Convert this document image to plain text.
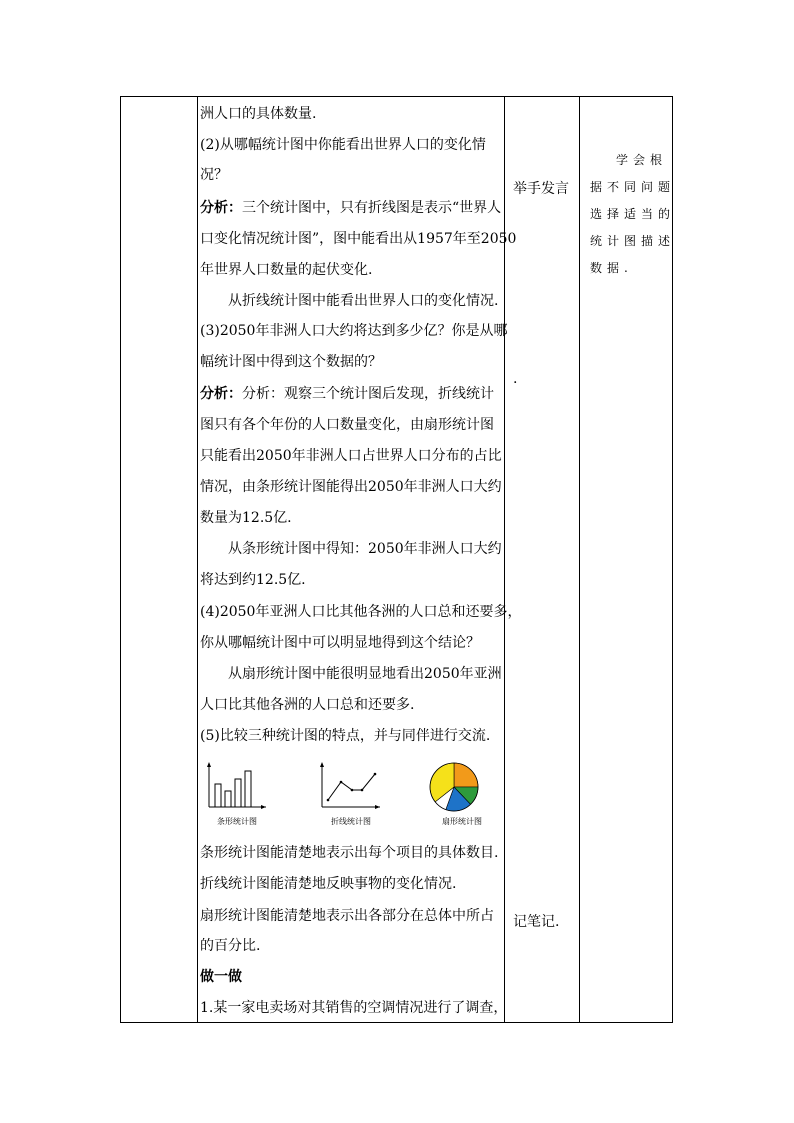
洲人口的具体数量.
(2)从哪幅统计图中你能看出世界人口的变化情
况？
分析：三个统计图中，只有折线图是表示“世界人
口变化情况统计图”，图中能看出从1957年至2050
年世界人口数量的起伏变化.
从折线统计图中能看出世界人口的变化情况.
(3)2050年非洲人口大约将达到多少亿？你是从哪
幅统计图中得到这个数据的？
分析：分析：观察三个统计图后发现，折线统计
图只有各个年份的人口数量变化，由扇形统计图
只能看出2050年非洲人口占世界人口分布的占比
情况，由条形统计图能得出2050年非洲人口大约
数量为12.5亿.
从条形统计图中得知：2050年非洲人口大约
将达到约12.5亿.
(4)2050年亚洲人口比其他各洲的人口总和还要多，
你从哪幅统计图中可以明显地得到这个结论？
从扇形统计图中能很明显地看出2050年亚洲
人口比其他各洲的人口总和还要多.
(5)比较三种统计图的特点，并与同伴进行交流.
条形统计图	折线统计图	扇形统计图
条形统计图能清楚地表示出每个项目的具体数目.
折线统计图能清楚地反映事物的变化情况.
扇形统计图能清楚地表示出各部分在总体中所占
的百分比.
做一做
1.某一家电卖场对其销售的空调情况进行了调查，
举手发言
.
记笔记.
学会根
据不同问题
选择适当的
统计图描述
数据.
